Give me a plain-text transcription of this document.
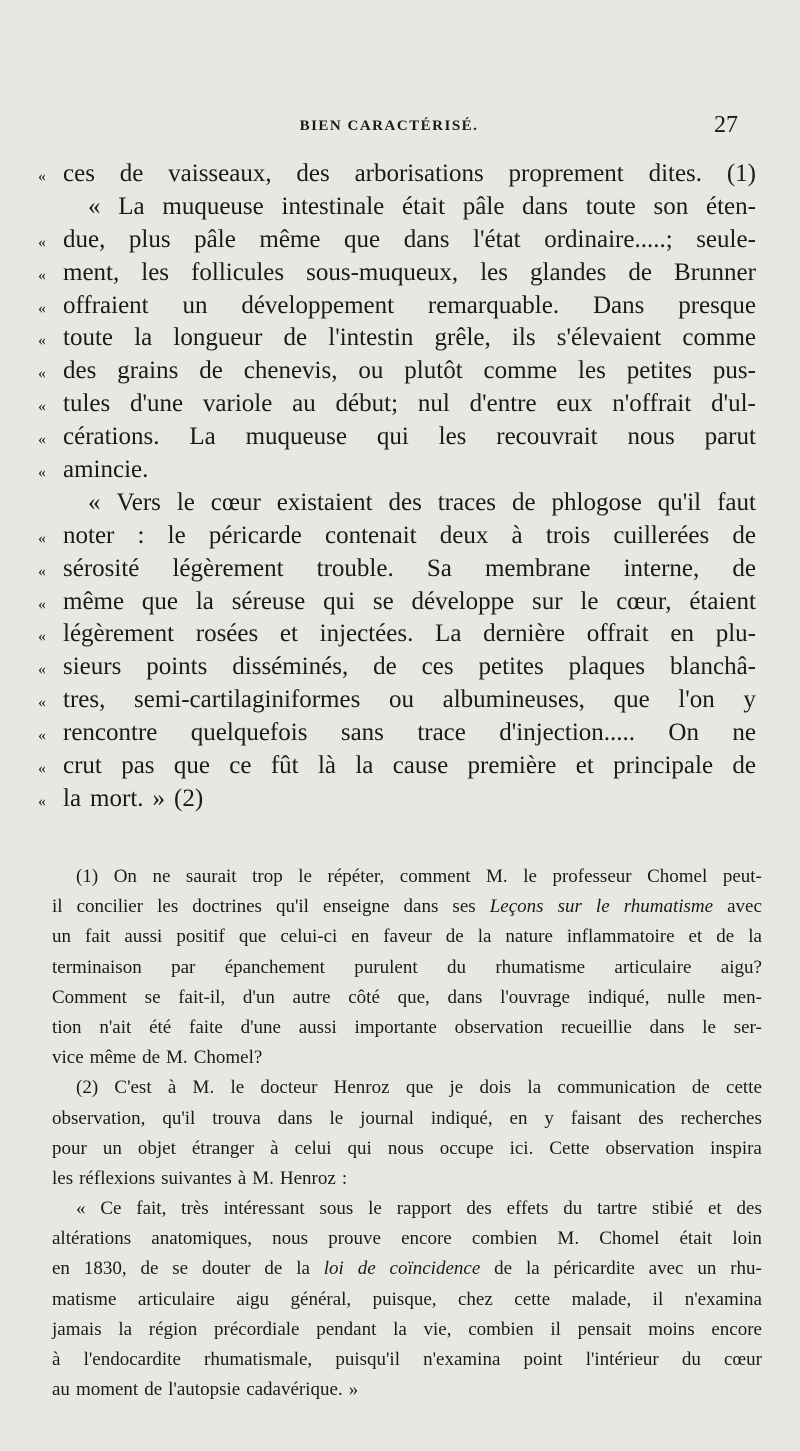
BIEN CARACTÉRISÉ.	27
« ces de vaisseaux, des arborisations proprement dites. (1)
« La muqueuse intestinale était pâle dans toute son éten-
« due, plus pâle même que dans l'état ordinaire.....; seule-
« ment, les follicules sous-muqueux, les glandes de Brunner
« offraient un développement remarquable. Dans presque
« toute la longueur de l'intestin grêle, ils s'élevaient comme
« des grains de chenevis, ou plutôt comme les petites pus-
« tules d'une variole au début; nul d'entre eux n'offrait d'ul-
« cérations. La muqueuse qui les recouvrait nous parut
« amincie.
« Vers le cœur existaient des traces de phlogose qu'il faut
« noter : le péricarde contenait deux à trois cuillerées de
« sérosité légèrement trouble. Sa membrane interne, de
« même que la séreuse qui se développe sur le cœur, étaient
« légèrement rosées et injectées. La dernière offrait en plu-
« sieurs points disséminés, de ces petites plaques blanchâ-
« tres, semi-cartilaginiformes ou albumineuses, que l'on y
« rencontre quelquefois sans trace d'injection..... On ne
« crut pas que ce fût là la cause première et principale de
« la mort. » (2)
(1) On ne saurait trop le répéter, comment M. le professeur Chomel peut-
il concilier les doctrines qu'il enseigne dans ses Leçons sur le rhumatisme avec
un fait aussi positif que celui-ci en faveur de la nature inflammatoire et de la
terminaison par épanchement purulent du rhumatisme articulaire aigu?
Comment se fait-il, d'un autre côté que, dans l'ouvrage indiqué, nulle men-
tion n'ait été faite d'une aussi importante observation recueillie dans le ser-
vice même de M. Chomel?
(2) C'est à M. le docteur Henroz que je dois la communication de cette
observation, qu'il trouva dans le journal indiqué, en y faisant des recherches
pour un objet étranger à celui qui nous occupe ici. Cette observation inspira
les réflexions suivantes à M. Henroz :
« Ce fait, très intéressant sous le rapport des effets du tartre stibié et des
altérations anatomiques, nous prouve encore combien M. Chomel était loin
en 1830, de se douter de la loi de coïncidence de la péricardite avec un rhu-
matisme articulaire aigu général, puisque, chez cette malade, il n'examina
jamais la région précordiale pendant la vie, combien il pensait moins encore
à l'endocardite rhumatismale, puisqu'il n'examina point l'intérieur du cœur
au moment de l'autopsie cadavérique. »
